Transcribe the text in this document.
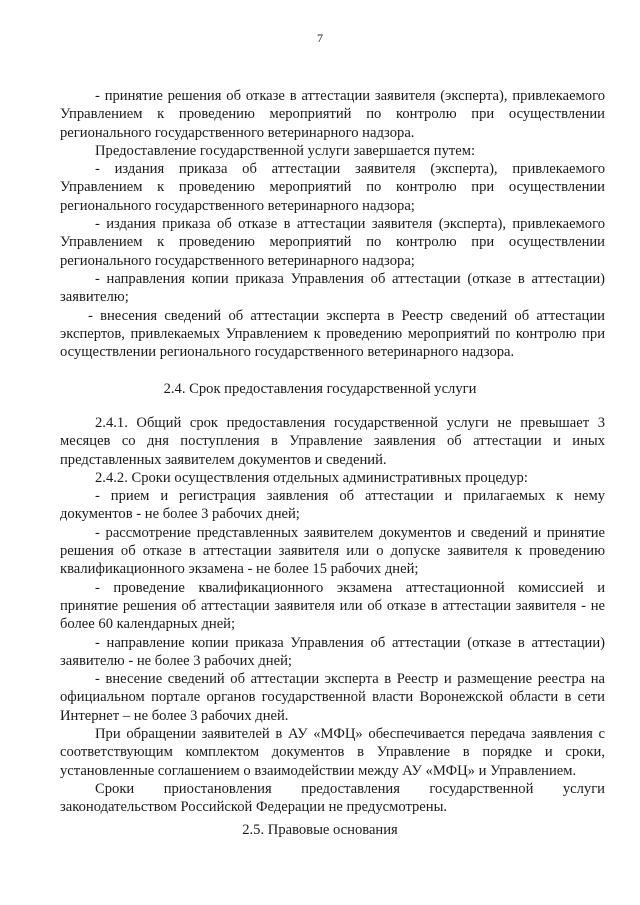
7

- принятие решения об отказе в аттестации заявителя (эксперта), привлекаемого Управлением к проведению мероприятий по контролю при осуществлении регионального государственного ветеринарного надзора.

Предоставление государственной услуги завершается путем:

- издания приказа об аттестации заявителя (эксперта), привлекаемого Управлением к проведению мероприятий по контролю при осуществлении регионального государственного ветеринарного надзора;

- издания приказа об отказе в аттестации заявителя (эксперта), привлекаемого Управлением к проведению мероприятий по контролю при осуществлении регионального государственного ветеринарного надзора;

- направления копии приказа Управления об аттестации (отказе в аттестации) заявителю;

- внесения сведений об аттестации эксперта в Реестр сведений об аттестации экспертов, привлекаемых Управлением к проведению мероприятий по контролю при осуществлении регионального государственного ветеринарного надзора.

2.4. Срок предоставления государственной услуги

2.4.1. Общий срок предоставления государственной услуги не превышает 3 месяцев со дня поступления в Управление заявления об аттестации и иных представленных заявителем документов и сведений.

2.4.2. Сроки осуществления отдельных административных процедур:

- прием и регистрация заявления об аттестации и прилагаемых к нему документов - не более 3 рабочих дней;

- рассмотрение представленных заявителем документов и сведений и принятие решения об отказе в аттестации заявителя или о допуске заявителя к проведению квалификационного экзамена - не более 15 рабочих дней;

- проведение квалификационного экзамена аттестационной комиссией и принятие решения об аттестации заявителя или об отказе в аттестации заявителя - не более 60 календарных дней;

- направление копии приказа Управления об аттестации (отказе в аттестации) заявителю - не более 3 рабочих дней;

- внесение сведений об аттестации эксперта в Реестр и размещение реестра на официальном портале органов государственной власти Воронежской области в сети Интернет – не более 3 рабочих дней.

При обращении заявителей в АУ «МФЦ» обеспечивается передача заявления с соответствующим комплектом документов в Управление в порядке и сроки, установленные соглашением о взаимодействии между АУ «МФЦ» и Управлением.

Сроки приостановления предоставления государственной услуги законодательством Российской Федерации не предусмотрены.

2.5. Правовые основания
